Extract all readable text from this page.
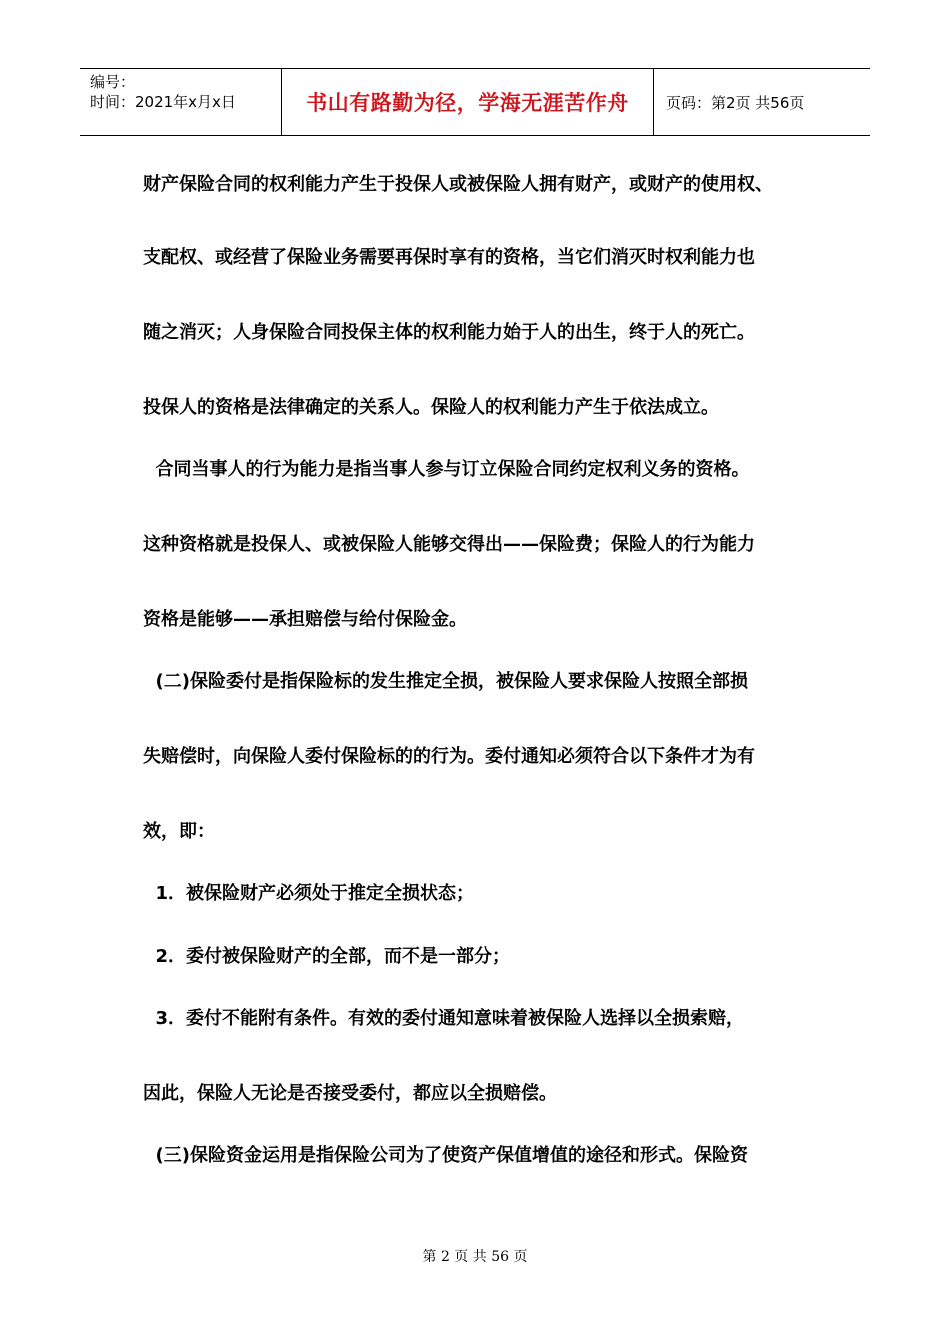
编号：
时间：2021年x月x日	书山有路勤为径，学海无涯苦作舟	页码：第2页 共56页
财产保险合同的权利能力产生于投保人或被保险人拥有财产，或财产的使用权、
支配权、或经营了保险业务需要再保时享有的资格，当它们消灭时权利能力也
随之消灭；人身保险合同投保主体的权利能力始于人的出生，终于人的死亡。
投保人的资格是法律确定的关系人。保险人的权利能力产生于依法成立。
合同当事人的行为能力是指当事人参与订立保险合同约定权利义务的资格。
这种资格就是投保人、或被保险人能够交得出——保险费；保险人的行为能力
资格是能够——承担赔偿与给付保险金。
(二)保险委付是指保险标的发生推定全损，被保险人要求保险人按照全部损
失赔偿时，向保险人委付保险标的的行为。委付通知必须符合以下条件才为有
效，即：
1．被保险财产必须处于推定全损状态；
2．委付被保险财产的全部，而不是一部分；
3．委付不能附有条件。有效的委付通知意味着被保险人选择以全损索赔，
因此，保险人无论是否接受委付，都应以全损赔偿。
(三)保险资金运用是指保险公司为了使资产保值增值的途径和形式。保险资
第 2 页 共 56 页
